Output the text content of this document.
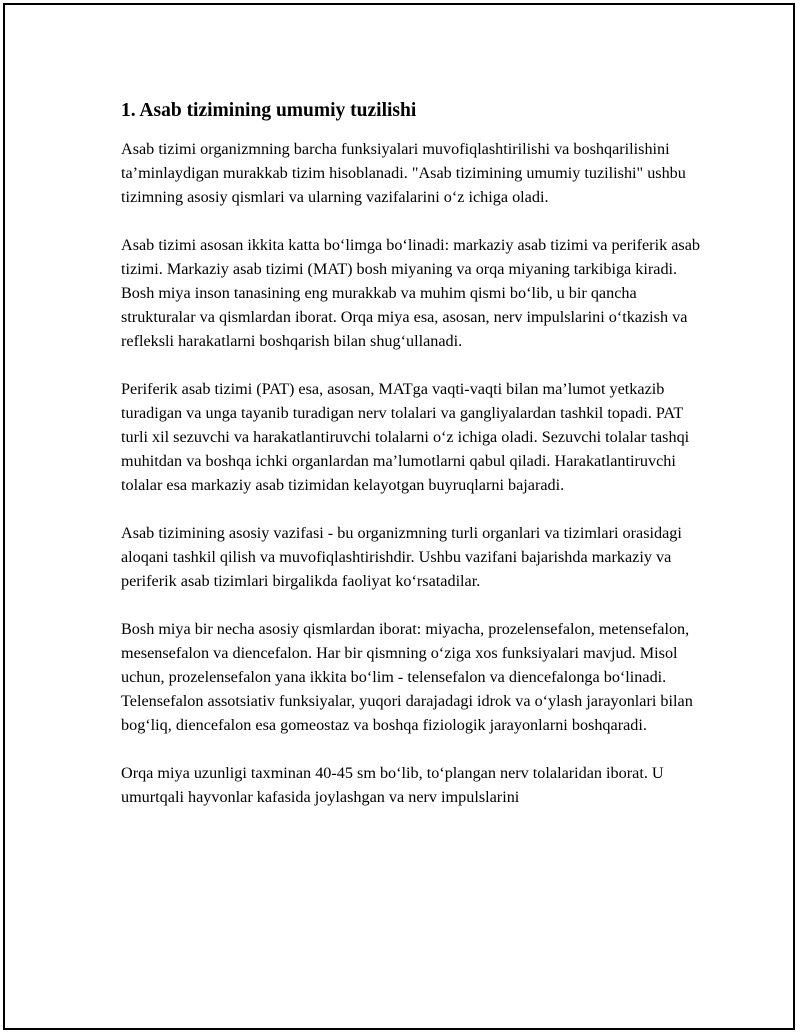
1. Asab tizimining umumiy tuzilishi

Asab tizimi organizmning barcha funksiyalari muvofiqlashtirilishi va boshqarilishini ta’minlaydigan murakkab tizim hisoblanadi. "Asab tizimining umumiy tuzilishi" ushbu tizimning asosiy qismlari va ularning vazifalarini o‘z ichiga oladi.

Asab tizimi asosan ikkita katta bo‘limga bo‘linadi: markaziy asab tizimi va periferik asab tizimi. Markaziy asab tizimi (MAT) bosh miyaning va orqa miyaning tarkibiga kiradi. Bosh miya inson tanasining eng murakkab va muhim qismi bo‘lib, u bir qancha strukturalar va qismlardan iborat. Orqa miya esa, asosan, nerv impulslarini o‘tkazish va refleksli harakatlarni boshqarish bilan shug‘ullanadi.

Periferik asab tizimi (PAT) esa, asosan, MATga vaqti-vaqti bilan ma’lumot yetkazib turadigan va unga tayanib turadigan nerv tolalari va gangliyalardan tashkil topadi. PAT turli xil sezuvchi va harakatlantiruvchi tolalarni o‘z ichiga oladi. Sezuvchi tolalar tashqi muhitdan va boshqa ichki organlardan ma’lumotlarni qabul qiladi. Harakatlantiruvchi tolalar esa markaziy asab tizimidan kelayotgan buyruqlarni bajaradi.

Asab tizimining asosiy vazifasi - bu organizmning turli organlari va tizimlari orasidagi aloqani tashkil qilish va muvofiqlashtirishdir. Ushbu vazifani bajarishda markaziy va periferik asab tizimlari birgalikda faoliyat ko‘rsatadilar.

Bosh miya bir necha asosiy qismlardan iborat: miyacha, prozelensefalon, metensefalon, mesensefalon va diencefalon. Har bir qismning o‘ziga xos funksiyalari mavjud. Misol uchun, prozelensefalon yana ikkita bo‘lim - telensefalon va diencefalonga bo‘linadi. Telensefalon assotsiativ funksiyalar, yuqori darajadagi idrok va o‘ylash jarayonlari bilan bog‘liq, diencefalon esa gomeostaz va boshqa fiziologik jarayonlarni boshqaradi.

Orqa miya uzunligi taxminan 40-45 sm bo‘lib, to‘plangan nerv tolalaridan iborat. U umurtqali hayvonlar kafasida joylashgan va nerv impulslarini
